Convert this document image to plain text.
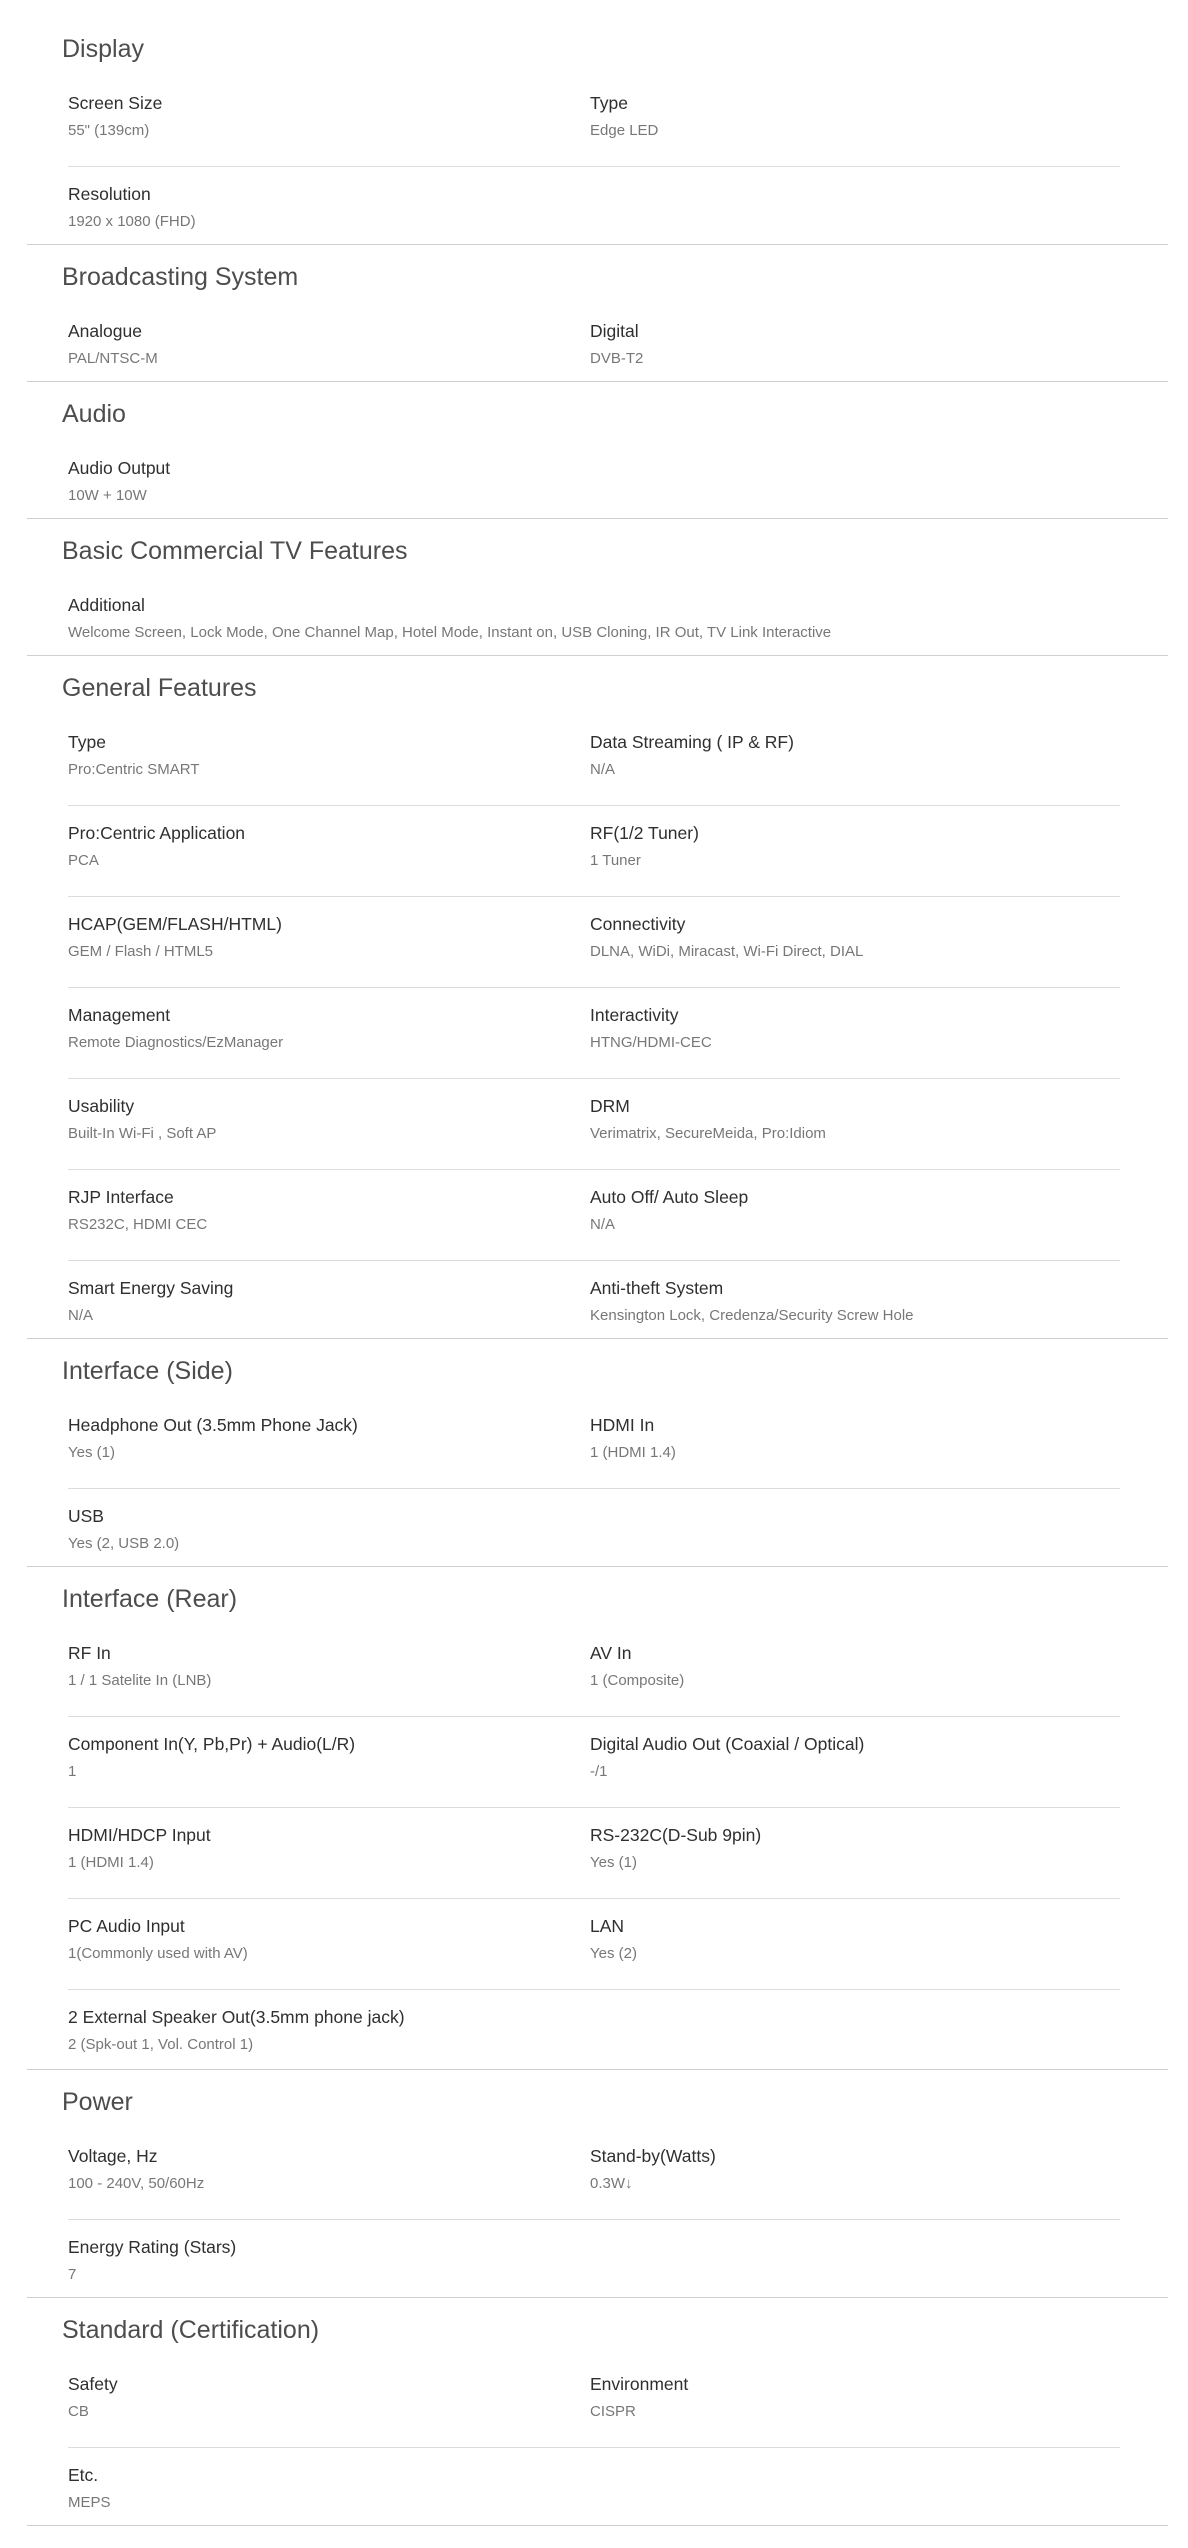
Display
Screen Size
55" (139cm)
Type
Edge LED
Resolution
1920 x 1080 (FHD)
Broadcasting System
Analogue
PAL/NTSC-M
Digital
DVB-T2
Audio
Audio Output
10W + 10W
Basic Commercial TV Features
Additional
Welcome Screen, Lock Mode, One Channel Map, Hotel Mode, Instant on, USB Cloning, IR Out, TV Link Interactive
General Features
Type
Pro:Centric SMART
Data Streaming ( IP & RF)
N/A
Pro:Centric Application
PCA
RF(1/2 Tuner)
1 Tuner
HCAP(GEM/FLASH/HTML)
GEM / Flash / HTML5
Connectivity
DLNA, WiDi, Miracast, Wi-Fi Direct, DIAL
Management
Remote Diagnostics/EzManager
Interactivity
HTNG/HDMI-CEC
Usability
Built-In Wi-Fi , Soft AP
DRM
Verimatrix, SecureMeida, Pro:Idiom
RJP Interface
RS232C, HDMI CEC
Auto Off/ Auto Sleep
N/A
Smart Energy Saving
N/A
Anti-theft System
Kensington Lock, Credenza/Security Screw Hole
Interface (Side)
Headphone Out (3.5mm Phone Jack)
Yes (1)
HDMI In
1 (HDMI 1.4)
USB
Yes (2, USB 2.0)
Interface (Rear)
RF In
1 / 1 Satelite In (LNB)
AV In
1 (Composite)
Component In(Y, Pb,Pr) + Audio(L/R)
1
Digital Audio Out (Coaxial / Optical)
-/1
HDMI/HDCP Input
1 (HDMI 1.4)
RS-232C(D-Sub 9pin)
Yes (1)
PC Audio Input
1(Commonly used with AV)
LAN
Yes (2)
2 External Speaker Out(3.5mm phone jack)
2 (Spk-out 1, Vol. Control 1)
Power
Voltage, Hz
100 - 240V, 50/60Hz
Stand-by(Watts)
0.3W↓
Energy Rating (Stars)
7
Standard (Certification)
Safety
CB
Environment
CISPR
Etc.
MEPS
